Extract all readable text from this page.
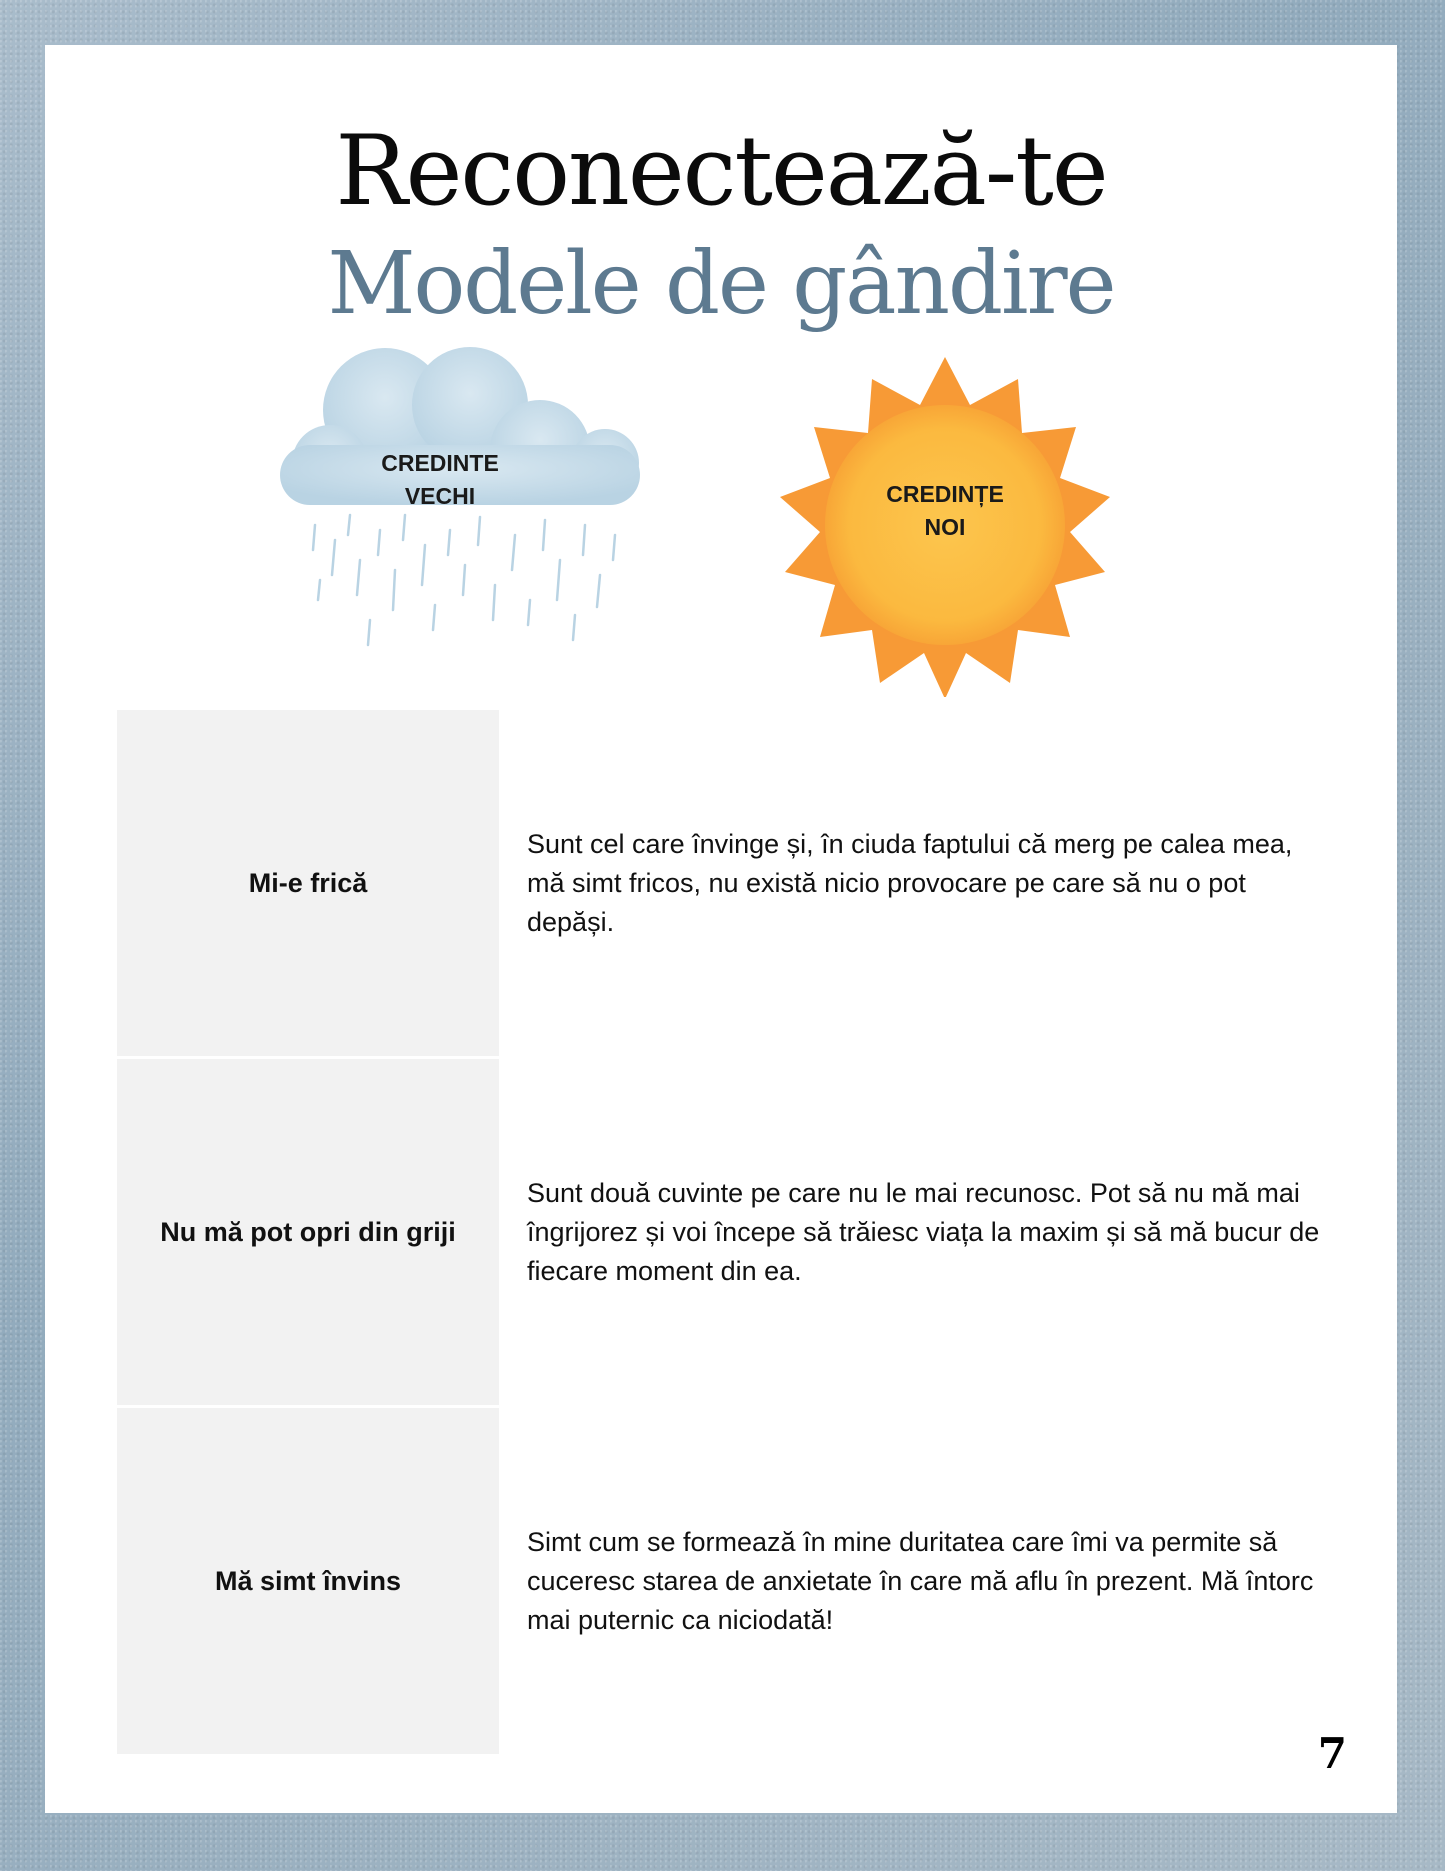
Reconectează-te
Modele de gândire
CREDINTE
VECHI	CREDINȚE
NOI
Mi-e frică
Sunt cel care învinge și, în ciuda faptului că merg pe calea mea, mă simt fricos, nu există nicio provocare pe care să nu o pot depăși.
Nu mă pot opri din griji
Sunt două cuvinte pe care nu le mai recunosc. Pot să nu mă mai îngrijorez și voi începe să trăiesc viața la maxim și să mă bucur de fiecare moment din ea.
Mă simt învins
Simt cum se formează în mine duritatea care îmi va permite să cuceresc starea de anxietate în care mă aflu în prezent. Mă întorc mai puternic ca niciodată!
7
